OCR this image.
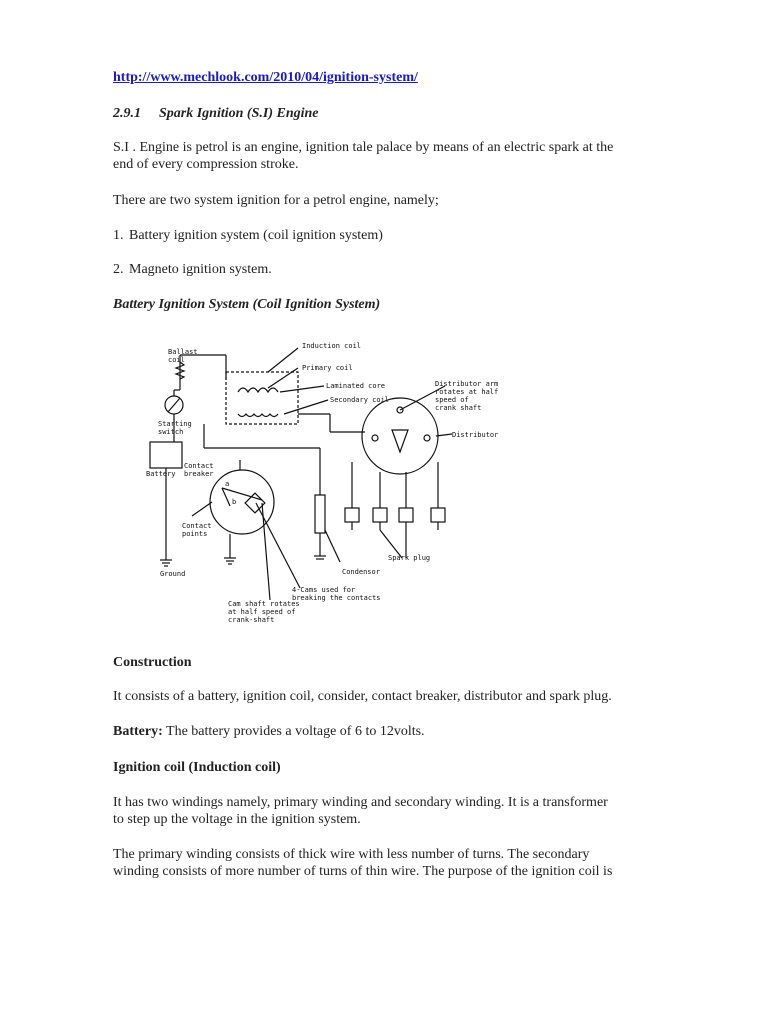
http://www.mechlook.com/2010/04/ignition-system/
2.9.1 Spark Ignition (S.I) Engine
S.I . Engine is petrol is an engine, ignition tale palace by means of an electric spark at the
end of every compression stroke.
There are two system ignition for a petrol engine, namely;
1. Battery ignition system (coil ignition system)
2. Magneto ignition system.
Battery Ignition System (Coil Ignition System)
Ballast
coil
Induction coil
Primary coil
Laminated core
Secondary coil
Distributor arm
rotates at half
speed of
crank shaft
Distributor
Starting
switch
Battery
Contact
breaker
Contact
points
Ground	Condensor
Spark plug
4-Cams used for
breaking the contacts
Cam shaft rotates
at half speed of
crank-shaft
a
b
Construction
It consists of a battery, ignition coil, consider, contact breaker, distributor and spark plug.
Battery: The battery provides a voltage of 6 to 12volts.
Ignition coil (Induction coil)
It has two windings namely, primary winding and secondary winding. It is a transformer
to step up the voltage in the ignition system.
The primary winding consists of thick wire with less number of turns. The secondary
winding consists of more number of turns of thin wire. The purpose of the ignition coil is
